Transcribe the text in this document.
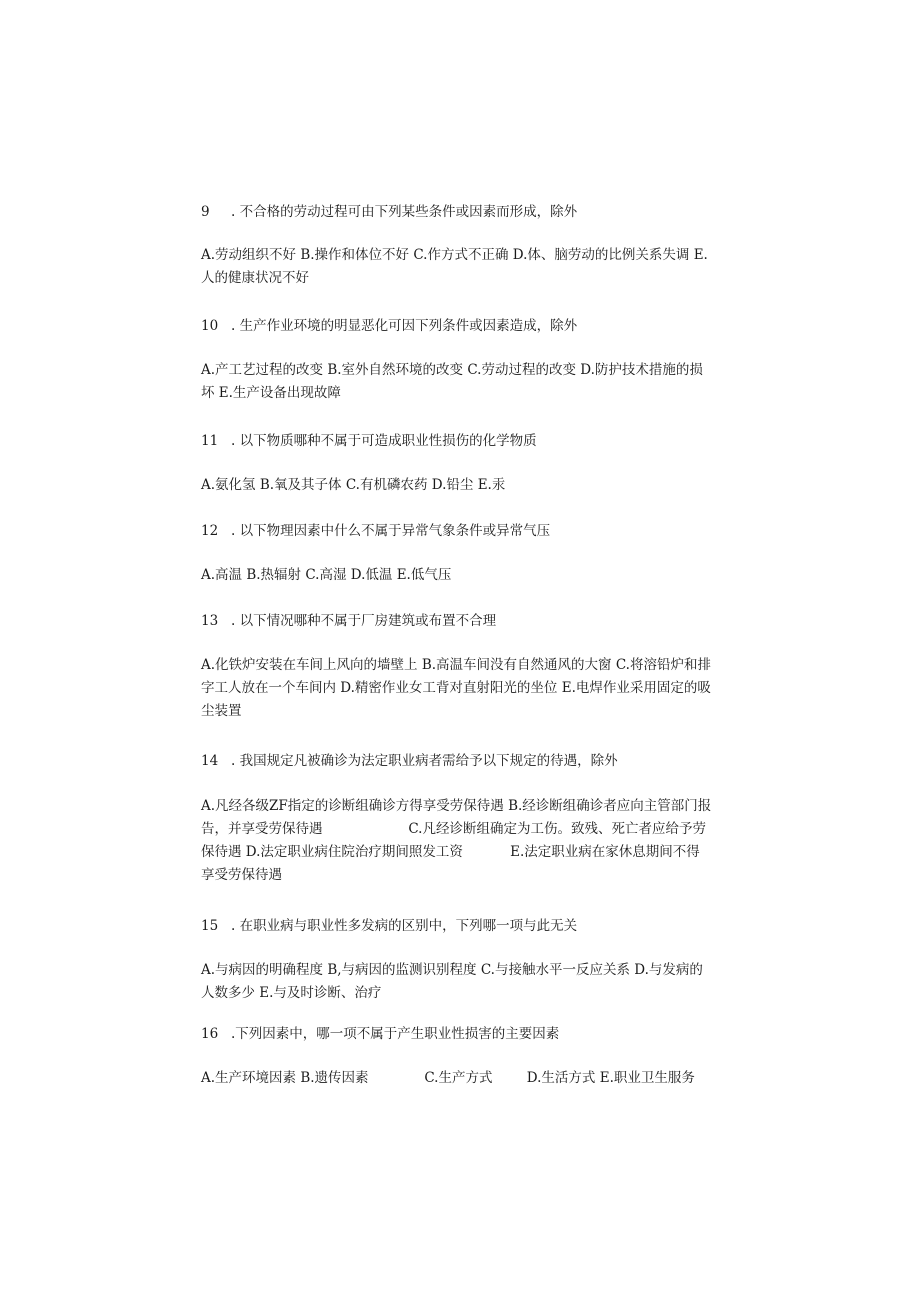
9 . 不合格的劳动过程可由下列某些条件或因素而形成，除外
A.劳动组织不好 B.操作和体位不好 C.作方式不正确 D.体、脑劳动的比例关系失调 E.
人的健康状况不好
10 . 生产作业环境的明显恶化可因下列条件或因素造成，除外
A.产工艺过程的改变 B.室外自然环境的改变 C.劳动过程的改变 D.防护技术措施的损
坏 E.生产设备出现故障
11 . 以下物质哪种不属于可造成职业性损伤的化学物质
A.氨化氢 B.氧及其子体 C.有机磷农药 D.铅尘 E.汞
12 . 以下物理因素中什么不属于异常气象条件或异常气压
A.高温 B.热辐射 C.高湿 D.低温 E.低气压
13 . 以下情况哪种不属于厂房建筑或布置不合理
A.化铁炉安装在车间上风向的墙壁上 B.高温车间没有自然通风的大窗 C.将溶铅炉和排
字工人放在一个车间内 D.精密作业女工背对直射阳光的坐位 E.电焊作业采用固定的吸
尘装置
14 . 我国规定凡被确诊为法定职业病者需给予以下规定的待遇，除外
A.凡经各级ZF指定的诊断组确诊方得享受劳保待遇 B.经诊断组确诊者应向主管部门报
告，并享受劳保待遇                    C.凡经诊断组确定为工伤。致残、死亡者应给予劳
保待遇 D.法定职业病住院治疗期间照发工资           E.法定职业病在家休息期间不得
享受劳保待遇
15 . 在职业病与职业性多发病的区别中，下列哪一项与此无关
A.与病因的明确程度 B,与病因的监测识别程度 C.与接触水平一反应关系 D.与发病的
人数多少 E.与及时诊断、治疗
16 .下列因素中，哪一项不属于产生职业性损害的主要因素
A.生产环境因素 B.遗传因素             C.生产方式        D.生活方式 E.职业卫生服务
